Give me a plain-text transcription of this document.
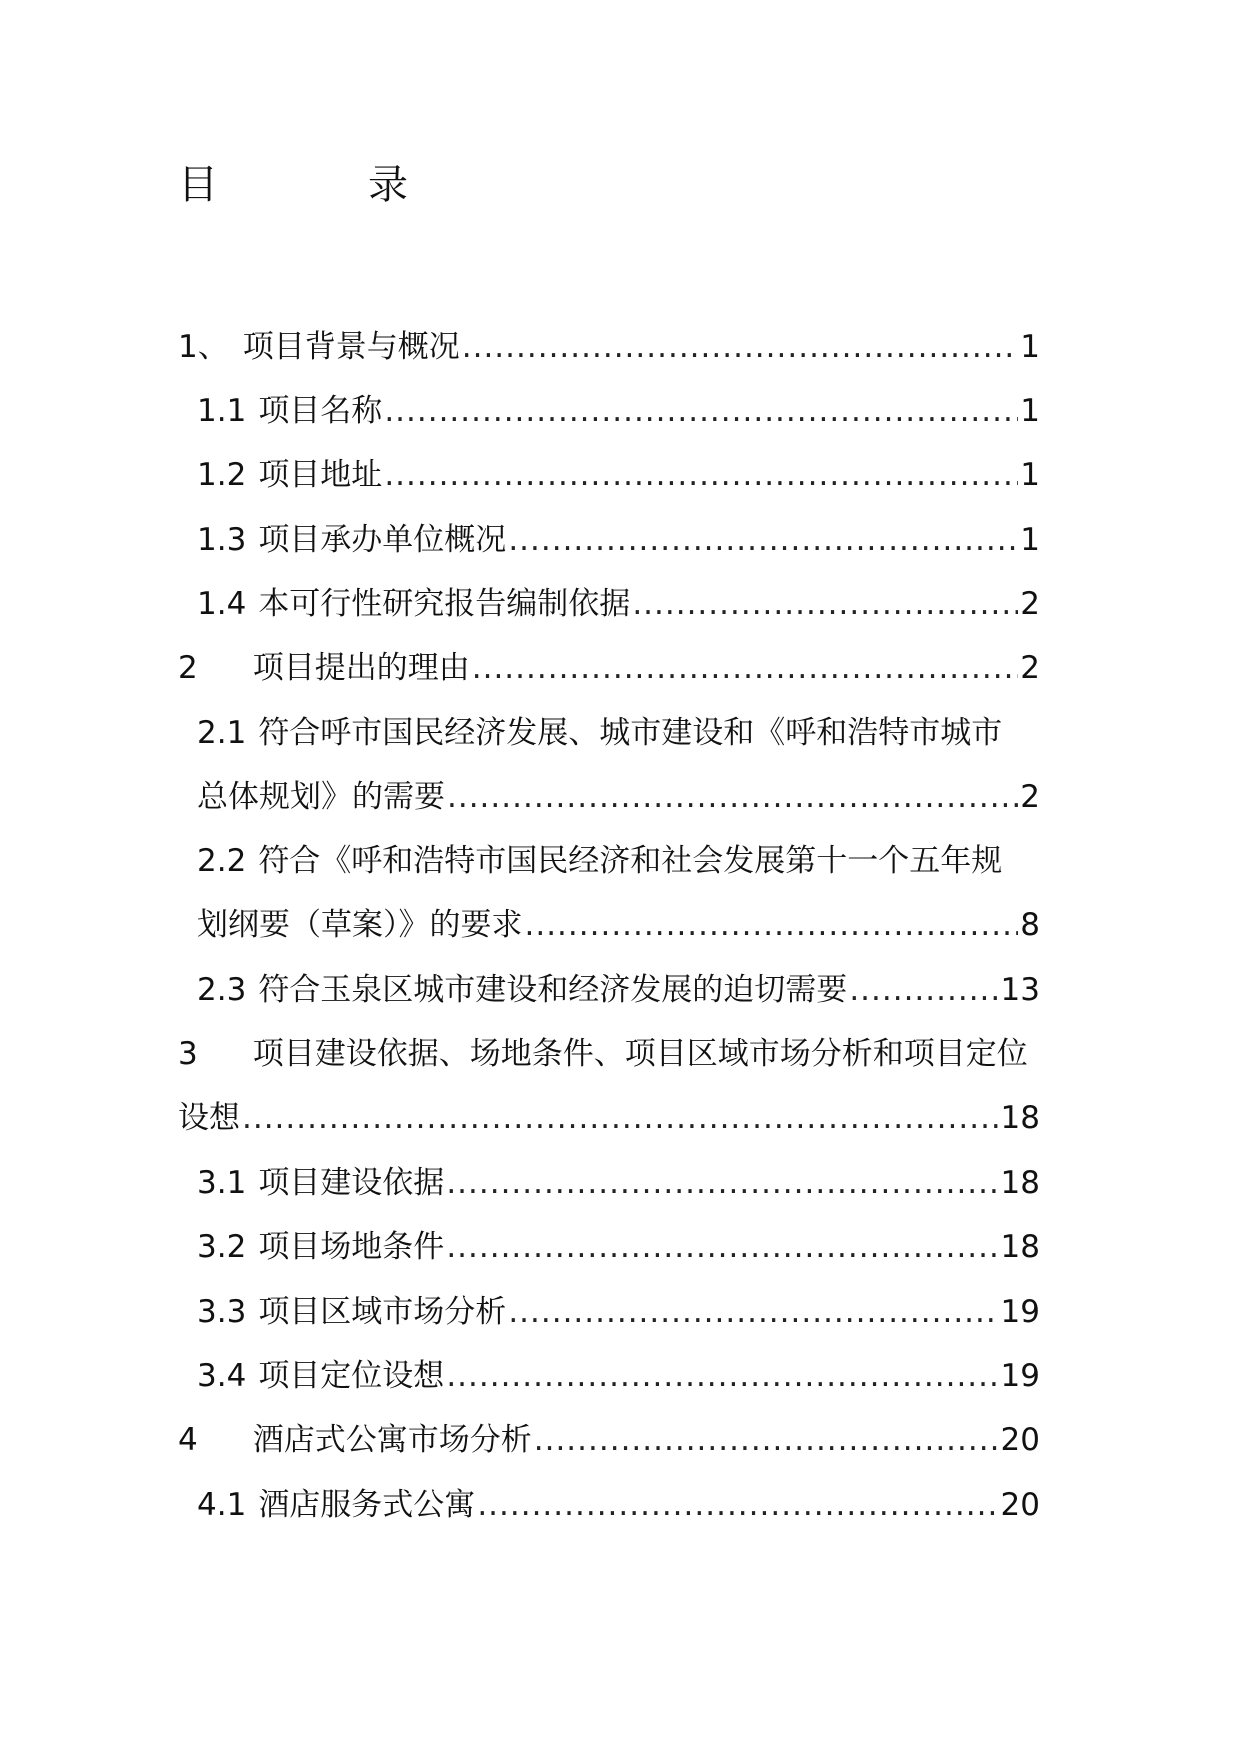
目	录
1、 项目背景与概况 .....	1
1.1 项目名称 .....	1
1.2 项目地址 .....	1
1.3 项目承办单位概况 .....	1
1.4 本可行性研究报告编制依据 .....	2
2 项目提出的理由 .....	2
2.1 符合呼市国民经济发展、城市建设和《呼和浩特市城市
总体规划》的需要 .....	2
2.2 符合《呼和浩特市国民经济和社会发展第十一个五年规
划纲要（草案）》的要求 .....	8
2.3 符合玉泉区城市建设和经济发展的迫切需要 .....	13
3 项目建设依据、场地条件、项目区域市场分析和项目定位
设想 .....	18
3.1 项目建设依据 .....	18
3.2 项目场地条件 .....	18
3.3 项目区域市场分析 .....	19
3.4 项目定位设想 .....	19
4 酒店式公寓市场分析 .....	20
4.1 酒店服务式公寓 .....	20
